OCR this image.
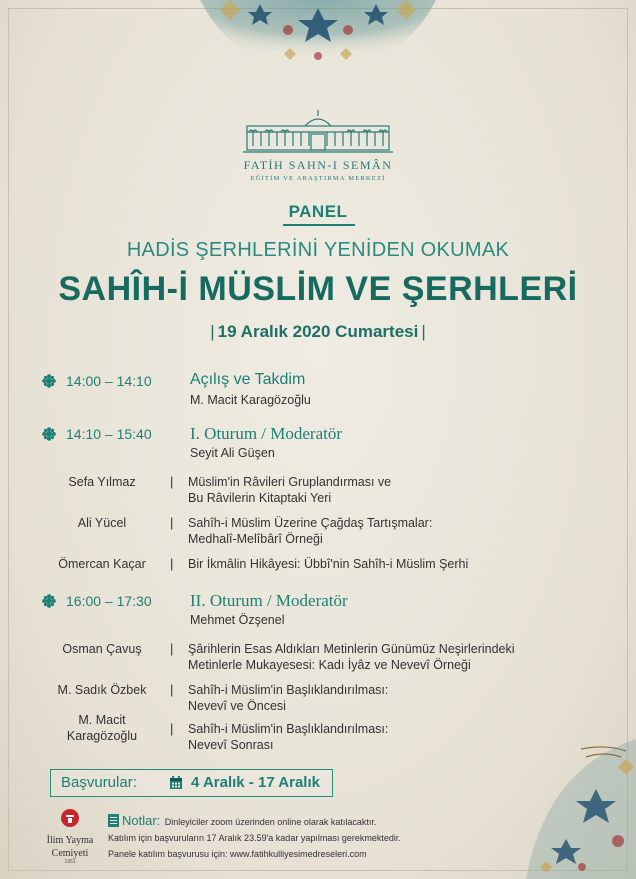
FATİH SAHN-I SEMÂN
EĞİTİM VE ARAŞTIRMA MERKEZİ
PANEL
HADİS ŞERHLERİNİ YENİDEN OKUMAK
SAHÎH-İ MÜSLİM VE ŞERHLERİ
| 19 Aralık 2020 Cumartesi |
14:00 – 14:10 Açılış ve Takdim
M. Macit Karagözoğlu
14:10 – 15:40 I. Oturum / Moderatör
Seyit Ali Güşen
Sefa Yılmaz	| Müslim'in Râvileri Gruplandırması ve
Bu Râvilerin Kitaptaki Yeri
Ali Yücel	| Sahîh-i Müslim Üzerine Çağdaş Tartışmalar:
Medhalî-Melîbârî Örneği
Ömercan Kaçar	| Bir İkmâlin Hikâyesi: Übbî'nin Sahîh-i Müslim Şerhi
16:00 – 17:30 II. Oturum / Moderatör
Mehmet Özşenel
Osman Çavuş	| Şârihlerin Esas Aldıkları Metinlerin Günümüz Neşirlerindeki
Metinlerle Mukayesesi: Kadı İyâz ve Nevevî Örneği
M. Sadık Özbek	| Sahîh-i Müslim'in Başlıklandırılması:
Nevevî ve Öncesi
M. Macit
Karagözoğlu	| Sahîh-i Müslim'in Başlıklandırılması:
Nevevî Sonrası
Başvurular:	4 Aralık - 17 Aralık
İlim Yayma
Cemiyeti
1951
Notlar: Dinleyiciler zoom üzerinden online olarak katılacaktır.
Katılım için başvuruların 17 Aralık 23.59'a kadar yapılması gerekmektedir.
Panele katılım başvurusu için: www.fatihkulliyesimedreseleri.com
